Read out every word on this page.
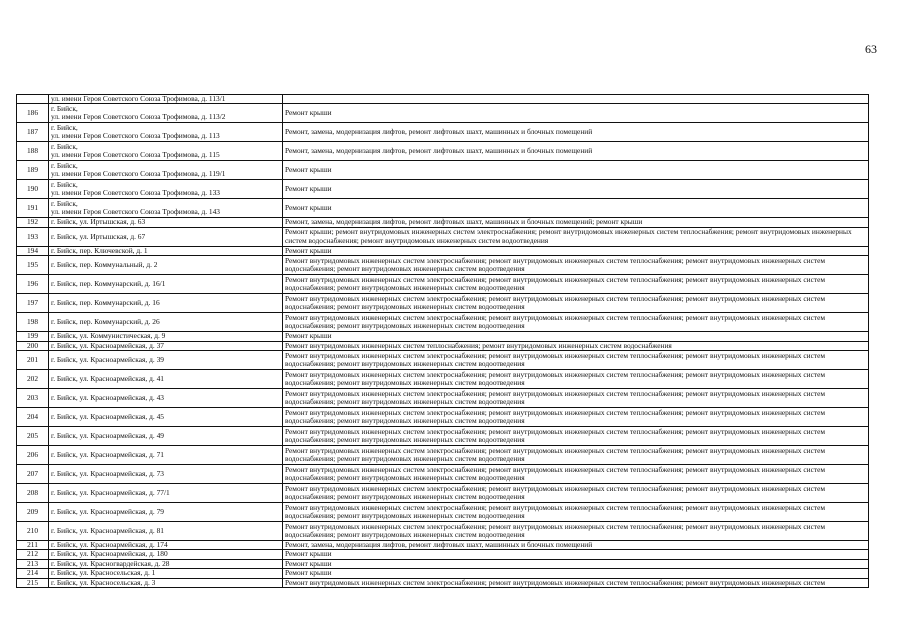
63
	ул. имени Героя Советского Союза Трофимова, д. 113/1	
186	г. Бийск,
ул. имени Героя Советского Союза Трофимова, д. 113/2	Ремонт крыши
187	г. Бийск,
ул. имени Героя Советского Союза Трофимова, д. 113	Ремонт, замена, модернизация лифтов, ремонт лифтовых шахт, машинных и блочных помещений
188	г. Бийск,
ул. имени Героя Советского Союза Трофимова, д. 115	Ремонт, замена, модернизация лифтов, ремонт лифтовых шахт, машинных и блочных помещений
189	г. Бийск,
ул. имени Героя Советского Союза Трофимова, д. 119/1	Ремонт крыши
190	г. Бийск,
ул. имени Героя Советского Союза Трофимова, д. 133	Ремонт крыши
191	г. Бийск,
ул. имени Героя Советского Союза Трофимова, д. 143	Ремонт крыши
192	г. Бийск, ул. Иртышская, д. 63	Ремонт, замена, модернизация лифтов, ремонт лифтовых шахт, машинных и блочных помещений; ремонт крыши
193	г. Бийск, ул. Иртышская, д. 67	Ремонт крыши; ремонт внутридомовых инженерных систем электроснабжения; ремонт внутридомовых инженерных систем теплоснабжения; ремонт внутридомовых инженерных систем водоснабжения; ремонт внутридомовых инженерных систем водоотведения
194	г. Бийск, пер. Ключевской, д. 1	Ремонт крыши
195	г. Бийск, пер. Коммунальный, д. 2	Ремонт внутридомовых инженерных систем электроснабжения; ремонт внутридомовых инженерных систем теплоснабжения; ремонт внутридомовых инженерных систем водоснабжения; ремонт внутридомовых инженерных систем водоотведения
196	г. Бийск, пер. Коммунарский, д. 16/1	Ремонт внутридомовых инженерных систем электроснабжения; ремонт внутридомовых инженерных систем теплоснабжения; ремонт внутридомовых инженерных систем водоснабжения; ремонт внутридомовых инженерных систем водоотведения
197	г. Бийск, пер. Коммунарский, д. 16	Ремонт внутридомовых инженерных систем электроснабжения; ремонт внутридомовых инженерных систем теплоснабжения; ремонт внутридомовых инженерных систем водоснабжения; ремонт внутридомовых инженерных систем водоотведения
198	г. Бийск, пер. Коммунарский, д. 26	Ремонт внутридомовых инженерных систем электроснабжения; ремонт внутридомовых инженерных систем теплоснабжения; ремонт внутридомовых инженерных систем водоснабжения; ремонт внутридомовых инженерных систем водоотведения
199	г. Бийск, ул. Коммунистическая, д. 9	Ремонт крыши
200	г. Бийск, ул. Красноармейская, д. 37	Ремонт внутридомовых инженерных систем теплоснабжения; ремонт внутридомовых инженерных систем водоснабжения
201	г. Бийск, ул. Красноармейская, д. 39	Ремонт внутридомовых инженерных систем электроснабжения; ремонт внутридомовых инженерных систем теплоснабжения; ремонт внутридомовых инженерных систем водоснабжения; ремонт внутридомовых инженерных систем водоотведения
202	г. Бийск, ул. Красноармейская, д. 41	Ремонт внутридомовых инженерных систем электроснабжения; ремонт внутридомовых инженерных систем теплоснабжения; ремонт внутридомовых инженерных систем водоснабжения; ремонт внутридомовых инженерных систем водоотведения
203	г. Бийск, ул. Красноармейская, д. 43	Ремонт внутридомовых инженерных систем электроснабжения; ремонт внутридомовых инженерных систем теплоснабжения; ремонт внутридомовых инженерных систем водоснабжения; ремонт внутридомовых инженерных систем водоотведения
204	г. Бийск, ул. Красноармейская, д. 45	Ремонт внутридомовых инженерных систем электроснабжения; ремонт внутридомовых инженерных систем теплоснабжения; ремонт внутридомовых инженерных систем водоснабжения; ремонт внутридомовых инженерных систем водоотведения
205	г. Бийск, ул. Красноармейская, д. 49	Ремонт внутридомовых инженерных систем электроснабжения; ремонт внутридомовых инженерных систем теплоснабжения; ремонт внутридомовых инженерных систем водоснабжения; ремонт внутридомовых инженерных систем водоотведения
206	г. Бийск, ул. Красноармейская, д. 71	Ремонт внутридомовых инженерных систем электроснабжения; ремонт внутридомовых инженерных систем теплоснабжения; ремонт внутридомовых инженерных систем водоснабжения; ремонт внутридомовых инженерных систем водоотведения
207	г. Бийск, ул. Красноармейская, д. 73	Ремонт внутридомовых инженерных систем электроснабжения; ремонт внутридомовых инженерных систем теплоснабжения; ремонт внутридомовых инженерных систем водоснабжения; ремонт внутридомовых инженерных систем водоотведения
208	г. Бийск, ул. Красноармейская, д. 77/1	Ремонт внутридомовых инженерных систем электроснабжения; ремонт внутридомовых инженерных систем теплоснабжения; ремонт внутридомовых инженерных систем водоснабжения; ремонт внутридомовых инженерных систем водоотведения
209	г. Бийск, ул. Красноармейская, д. 79	Ремонт внутридомовых инженерных систем электроснабжения; ремонт внутридомовых инженерных систем теплоснабжения; ремонт внутридомовых инженерных систем водоснабжения; ремонт внутридомовых инженерных систем водоотведения
210	г. Бийск, ул. Красноармейская, д. 81	Ремонт внутридомовых инженерных систем электроснабжения; ремонт внутридомовых инженерных систем теплоснабжения; ремонт внутридомовых инженерных систем водоснабжения; ремонт внутридомовых инженерных систем водоотведения
211	г. Бийск, ул. Красноармейская, д. 174	Ремонт, замена, модернизация лифтов, ремонт лифтовых шахт, машинных и блочных помещений
212	г. Бийск, ул. Красноармейская, д. 180	Ремонт крыши
213	г. Бийск, ул. Красногвардейская, д. 28	Ремонт крыши
214	г. Бийск, ул. Красносельская, д. 1	Ремонт крыши
215	г. Бийск, ул. Красносельская, д. 3	Ремонт внутридомовых инженерных систем электроснабжения; ремонт внутридомовых инженерных систем теплоснабжения; ремонт внутридомовых инженерных систем
